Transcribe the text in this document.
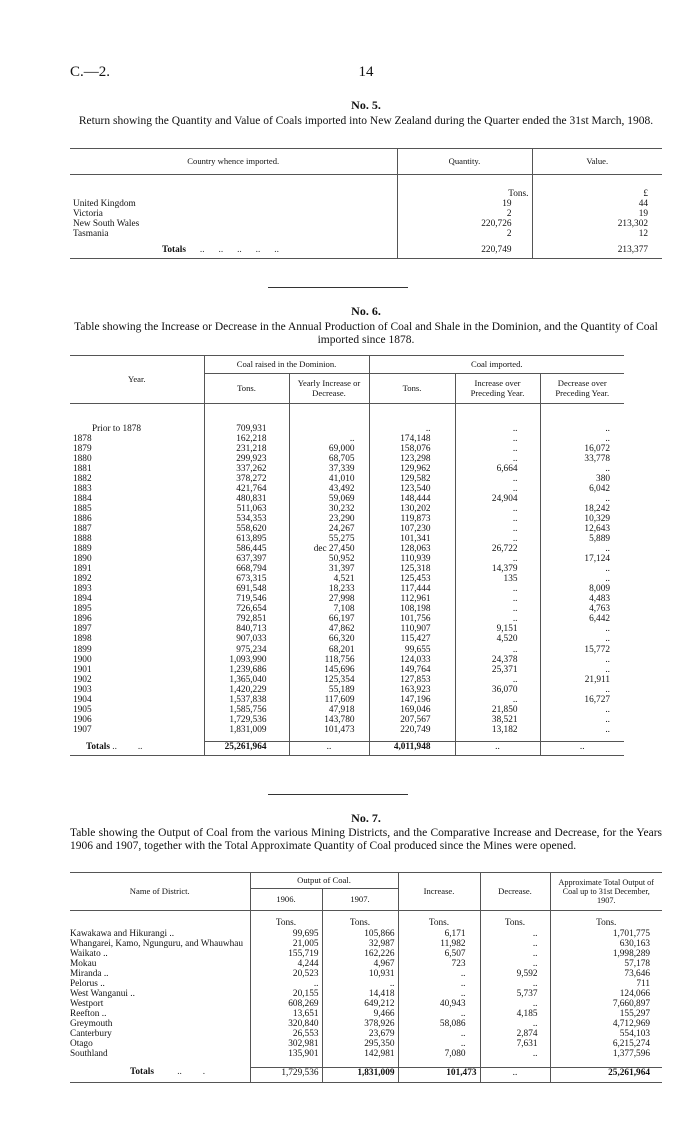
C.—2.	14
No. 5.
Return showing the Quantity and Value of Coals imported into New Zealand during the Quarter ended the 31st March, 1908.
Country whence imported.	Quantity.	Value.

	Tons.	£
United Kingdom	19	44
Victoria	2	19
New South Wales	220,726	213,302
Tasmania	2	12

Totals      ..      ..      ..      ..      ..	220,749	213,377
No. 6.
Table showing the Increase or Decrease in the Annual Production of Coal and Shale in the Dominion, and the Quantity of Coal imported since 1878.
Year.	Coal raised in the Dominion.		Coal imported.		
	Tons.	Yearly Increase or Decrease.	Tons.	Increase over Preceding Year.	Decrease over Preceding Year.

Prior to 1878	709,931		..	..	..
1878	162,218	..	174,148	..	..
1879	231,218	69,000	158,076	..	16,072
1880	299,923	68,705	123,298	..	33,778
1881	337,262	37,339	129,962	6,664	..
1882	378,272	41,010	129,582	..	380
1883	421,764	43,492	123,540	..	6,042
1884	480,831	59,069	148,444	24,904	..
1885	511,063	30,232	130,202	..	18,242
1886	534,353	23,290	119,873	..	10,329
1887	558,620	24,267	107,230	..	12,643
1888	613,895	55,275	101,341	..	5,889
1889	586,445	dec 27,450	128,063	26,722	..
1890	637,397	50,952	110,939	..	17,124
1891	668,794	31,397	125,318	14,379	..
1892	673,315	4,521	125,453	135	..
1893	691,548	18,233	117,444	..	8,009
1894	719,546	27,998	112,961	..	4,483
1895	726,654	7,108	108,198	..	4,763
1896	792,851	66,197	101,756	..	6,442
1897	840,713	47,862	110,907	9,151	..
1898	907,033	66,320	115,427	4,520	..
1899	975,234	68,201	99,655	..	15,772
1900	1,093,990	118,756	124,033	24,378	..
1901	1,239,686	145,696	149,764	25,371	..
1902	1,365,040	125,354	127,853	..	21,911
1903	1,420,229	55,189	163,923	36,070	..
1904	1,537,838	117,609	147,196	..	16,727
1905	1,585,756	47,918	169,046	21,850	..
1906	1,729,536	143,780	207,567	38,521	..
1907	1,831,009	101,473	220,749	13,182	..

Totals ..         ..	25,261,964	..	4,011,948	..	..
No. 7.
Table showing the Output of Coal from the various Mining Districts, and the Comparative Increase and Decrease, for the Years 1906 and 1907, together with the Total Approximate Quantity of Coal produced since the Mines were opened.
Name of District.	Output of Coal.		Increase.	Decrease.	Approximate Total Output of Coal up to 31st December, 1907.
	1906.	1907.			
	Tons.	Tons.	Tons.	Tons.	Tons.
Kawakawa and Hikurangi ..	99,695	105,866	6,171	..	1,701,775
Whangarei, Kamo, Ngunguru, and Whauwhau	21,005	32,987	11,982	..	630,163
Waikato ..	155,719	162,226	6,507	..	1,998,289
Mokau	4,244	4,967	723	..	57,178
Miranda ..	20,523	10,931	..	9,592	73,646
Pelorus ..	..	..	..	..	711
West Wanganui ..	20,155	14,418	..	5,737	124,066
Westport	608,269	649,212	40,943	..	7,660,897
Reefton ..	13,651	9,466	..	4,185	155,297
Greymouth	320,840	378,926	58,086	..	4,712,969
Canterbury	26,553	23,679	..	2,874	554,103
Otago	302,981	295,350	..	7,631	6,215,274
Southland	135,901	142,981	7,080	..	1,377,596

Totals          ..         .	1,729,536	1,831,009	101,473	..	25,261,964
